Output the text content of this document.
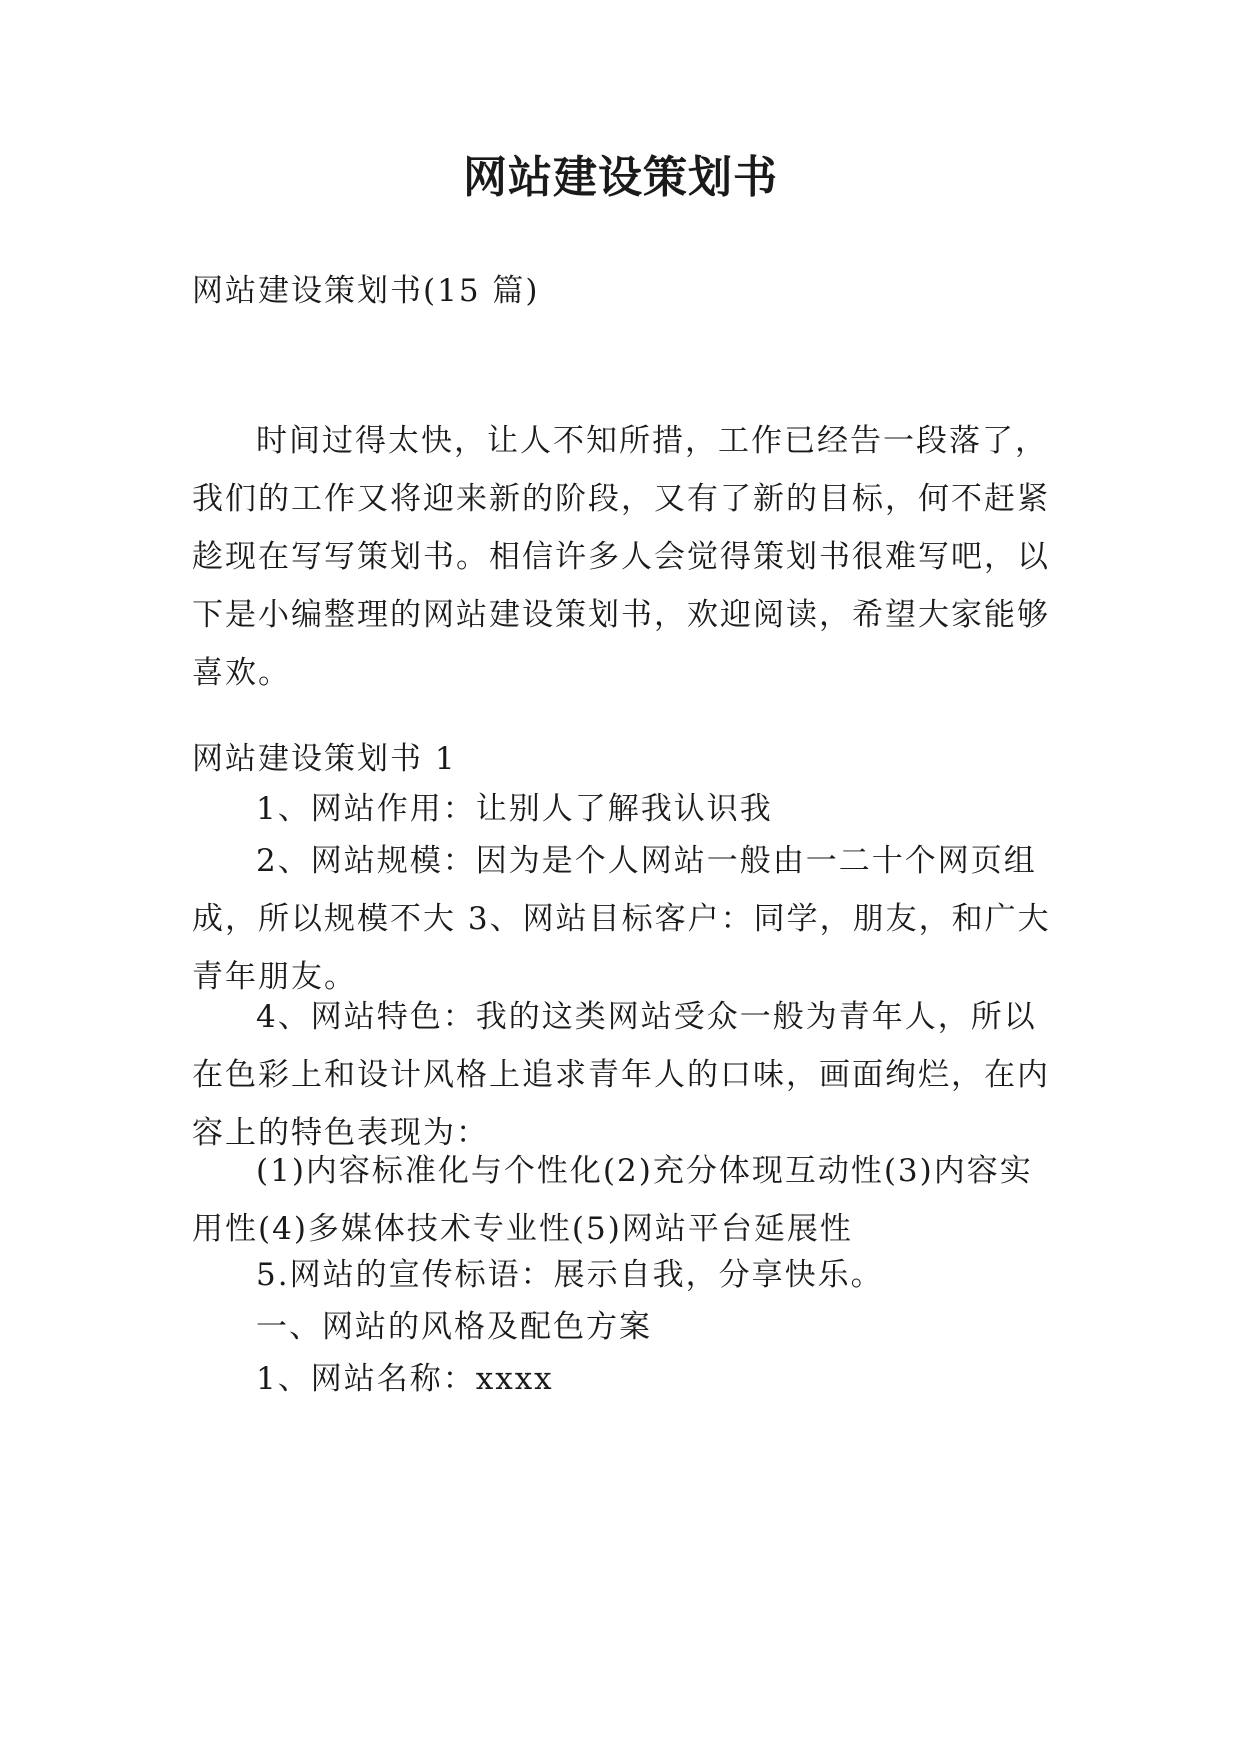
网站建设策划书

网站建设策划书(15 篇)

时间过得太快，让人不知所措，工作已经告一段落了，我们的工作又将迎来新的阶段，又有了新的目标，何不赶紧趁现在写写策划书。相信许多人会觉得策划书很难写吧，以下是小编整理的网站建设策划书，欢迎阅读，希望大家能够喜欢。

网站建设策划书 1

1、网站作用：让别人了解我认识我

2、网站规模：因为是个人网站一般由一二十个网页组成，所以规模不大 3、网站目标客户：同学，朋友，和广大青年朋友。

4、网站特色：我的这类网站受众一般为青年人，所以在色彩上和设计风格上追求青年人的口味，画面绚烂，在内容上的特色表现为：

(1)内容标准化与个性化(2)充分体现互动性(3)内容实用性(4)多媒体技术专业性(5)网站平台延展性

5.网站的宣传标语：展示自我，分享快乐。

一、网站的风格及配色方案

1、网站名称：xxxx
